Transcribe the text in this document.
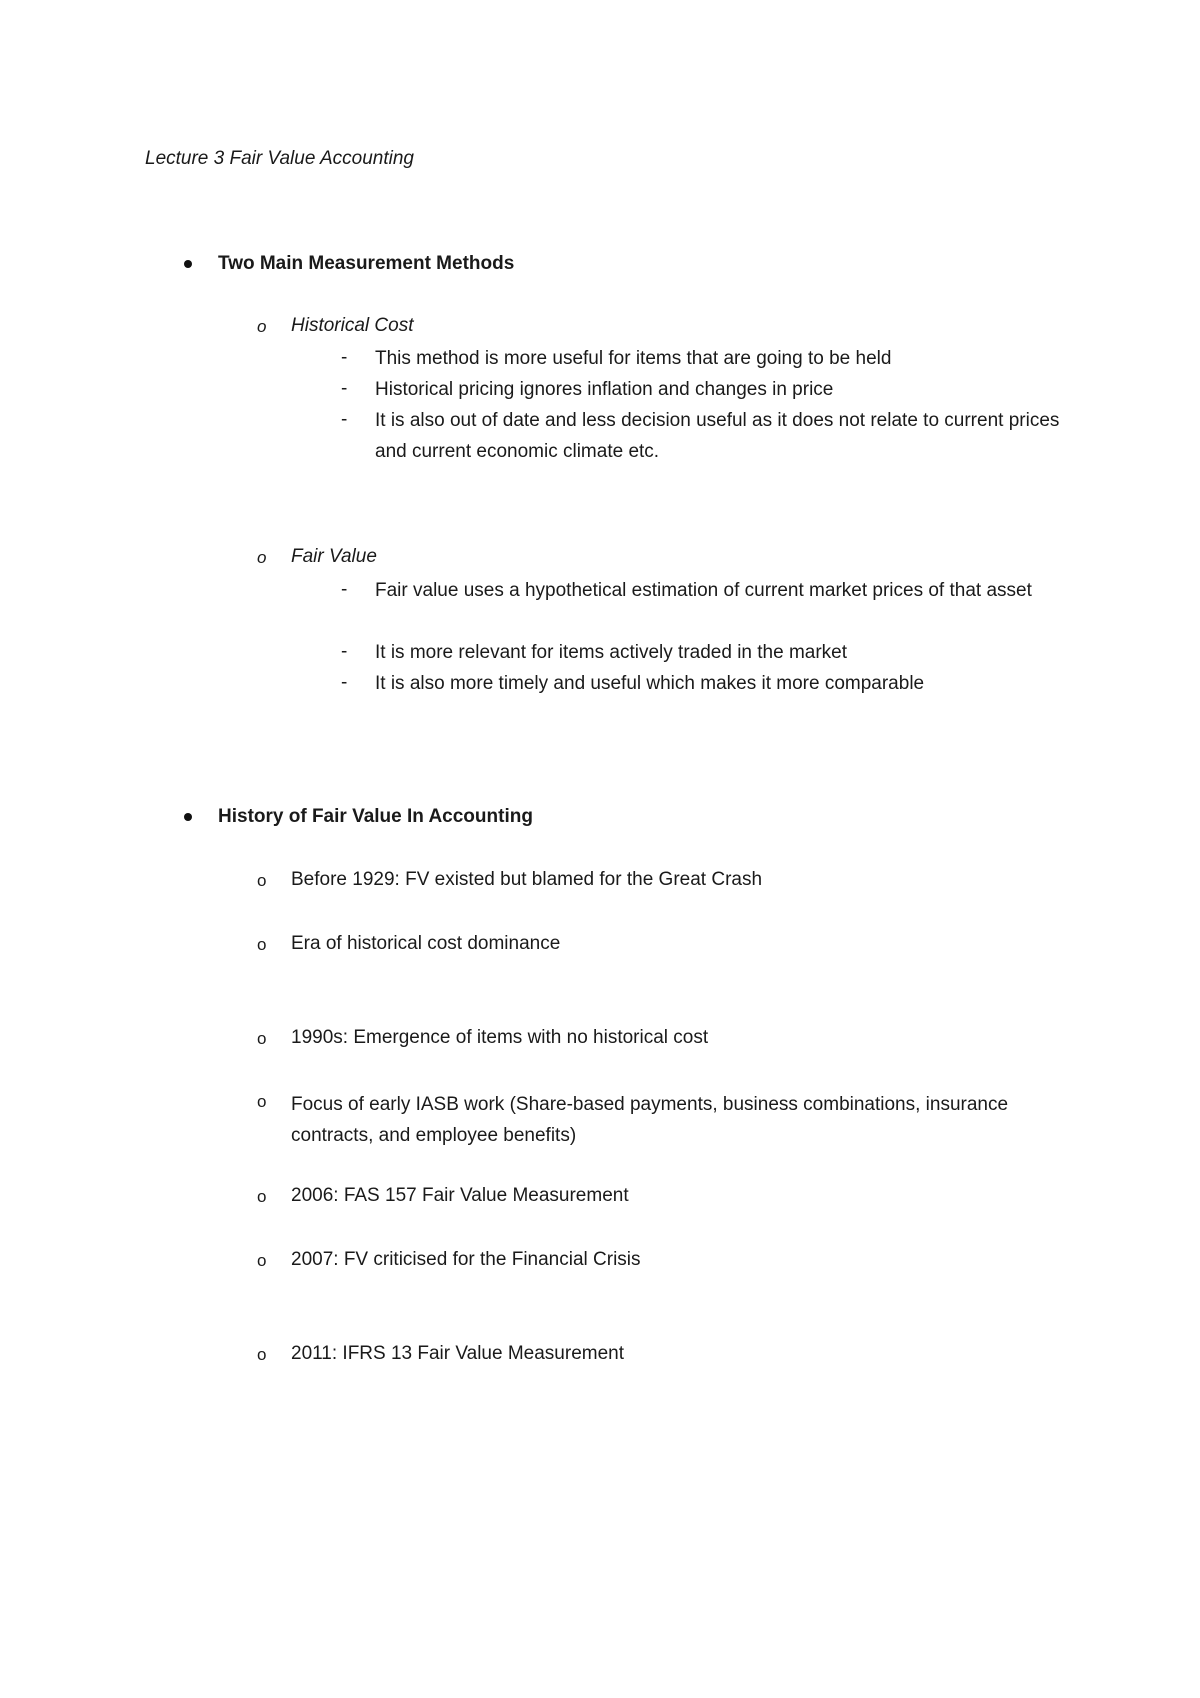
Lecture 3 Fair Value Accounting
Two Main Measurement Methods
o Historical Cost
- This method is more useful for items that are going to be held
- Historical pricing ignores inflation and changes in price
- It is also out of date and less decision useful as it does not relate to current prices and current economic climate etc.
o Fair Value
- Fair value uses a hypothetical estimation of current market prices of that asset
- It is more relevant for items actively traded in the market
- It is also more timely and useful which makes it more comparable
History of Fair Value In Accounting
o Before 1929: FV existed but blamed for the Great Crash
o Era of historical cost dominance
o 1990s: Emergence of items with no historical cost
o Focus of early IASB work (Share-based payments, business combinations, insurance contracts, and employee benefits)
o 2006: FAS 157 Fair Value Measurement
o 2007: FV criticised for the Financial Crisis
o 2011: IFRS 13 Fair Value Measurement
